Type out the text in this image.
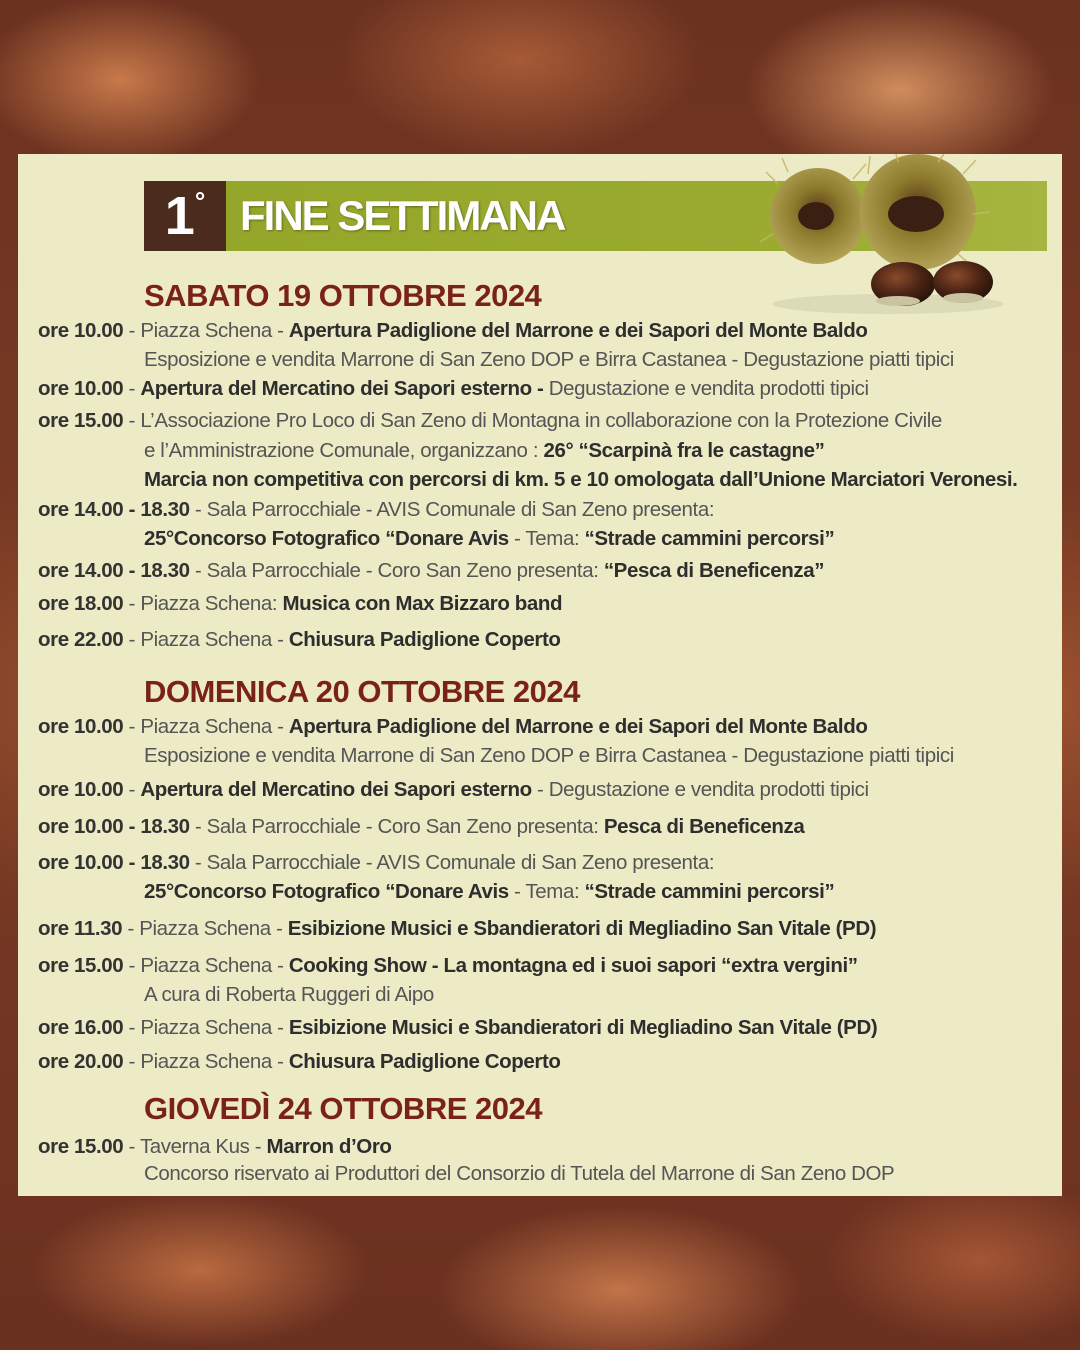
1° FINE SETTIMANA
SABATO 19 OTTOBRE 2024
ore 10.00 - Piazza Schena - Apertura Padiglione del Marrone e dei Sapori del Monte Baldo
Esposizione e vendita Marrone di San Zeno DOP e Birra Castanea - Degustazione piatti tipici
ore 10.00 - Apertura del Mercatino dei Sapori esterno - Degustazione e vendita prodotti tipici
ore 15.00 - L’Associazione Pro Loco di San Zeno di Montagna in collaborazione con la Protezione Civile
e l’Amministrazione Comunale, organizzano : 26° “Scarpinà fra le castagne”
Marcia non competitiva con percorsi di km. 5 e 10 omologata dall’Unione Marciatori Veronesi.
ore 14.00 - 18.30 - Sala Parrocchiale - AVIS Comunale di San Zeno presenta:
25°Concorso Fotografico “Donare Avis - Tema: “Strade cammini percorsi”
ore 14.00 - 18.30 - Sala Parrocchiale - Coro San Zeno presenta: “Pesca di Beneficenza”
ore 18.00 - Piazza Schena: Musica con Max Bizzaro band
ore 22.00 - Piazza Schena - Chiusura Padiglione Coperto
DOMENICA 20 OTTOBRE 2024
ore 10.00 - Piazza Schena - Apertura Padiglione del Marrone e dei Sapori del Monte Baldo
Esposizione e vendita Marrone di San Zeno DOP e Birra Castanea - Degustazione piatti tipici
ore 10.00 - Apertura del Mercatino dei Sapori esterno - Degustazione e vendita prodotti tipici
ore 10.00 - 18.30 - Sala Parrocchiale - Coro San Zeno presenta: Pesca di Beneficenza
ore 10.00 - 18.30 - Sala Parrocchiale - AVIS Comunale di San Zeno presenta:
25°Concorso Fotografico “Donare Avis - Tema: “Strade cammini percorsi”
ore 11.30 - Piazza Schena - Esibizione Musici e Sbandieratori di Megliadino San Vitale (PD)
ore 15.00 - Piazza Schena - Cooking Show - La montagna ed i suoi sapori “extra vergini”
A cura di Roberta Ruggeri di Aipo
ore 16.00 - Piazza Schena - Esibizione Musici e Sbandieratori di Megliadino San Vitale (PD)
ore 20.00 - Piazza Schena - Chiusura Padiglione Coperto
GIOVEDÌ 24 OTTOBRE 2024
ore 15.00 - Taverna Kus - Marron d’Oro
Concorso riservato ai Produttori del Consorzio di Tutela del Marrone di San Zeno DOP
